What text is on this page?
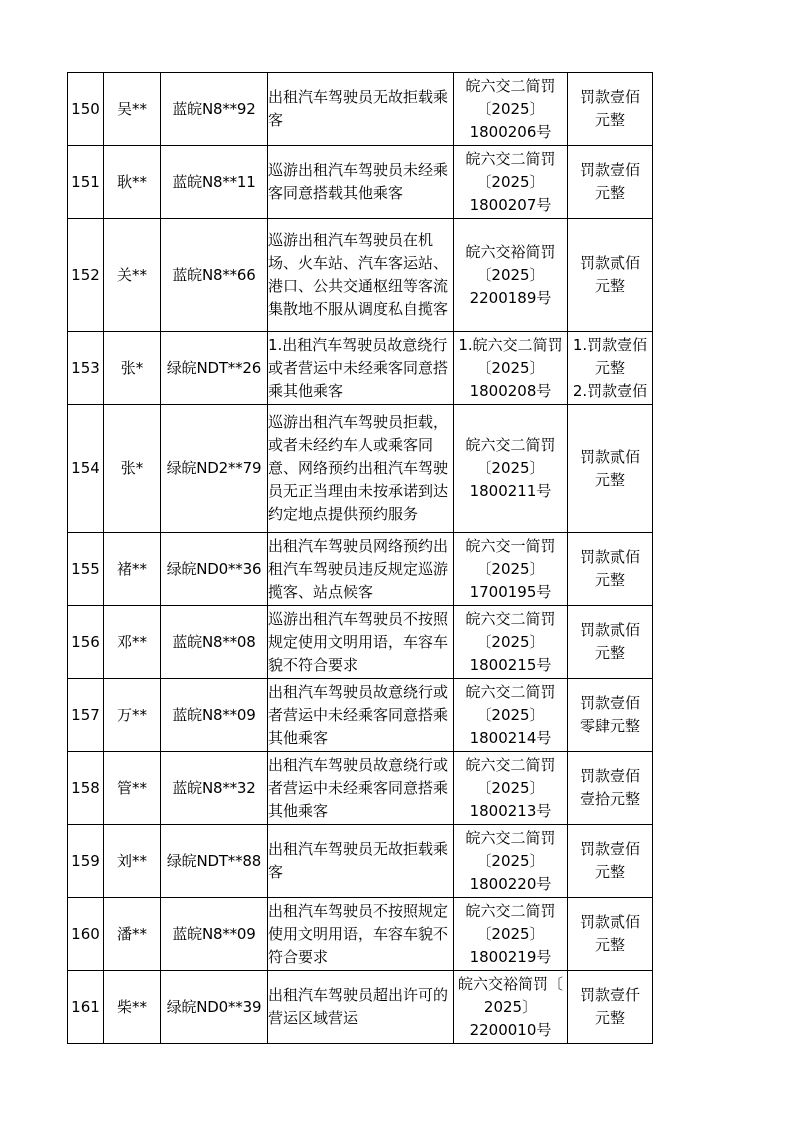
150	吴**	蓝皖N8**92	出租汽车驾驶员无故拒载乘客	皖六交二简罚
〔2025〕
1800206号	罚款壹佰
元整

151	耿**	蓝皖N8**11	巡游出租汽车驾驶员未经乘客同意搭载其他乘客	皖六交二简罚
〔2025〕
1800207号	罚款壹佰
元整

152	关**	蓝皖N8**66	巡游出租汽车驾驶员在机场、火车站、汽车客运站、港口、公共交通枢纽等客流集散地不服从调度私自揽客	皖六交裕简罚
〔2025〕
2200189号	罚款贰佰
元整

153	张*	绿皖NDT**26	1.出租汽车驾驶员故意绕行或者营运中未经乘客同意搭乘其他乘客	1.皖六交二简罚
〔2025〕
1800208号	1.罚款壹佰
元整
2.罚款壹佰

154	张*	绿皖ND2**79	巡游出租汽车驾驶员拒载，或者未经约车人或乘客同意、网络预约出租汽车驾驶员无正当理由未按承诺到达约定地点提供预约服务	皖六交二简罚
〔2025〕
1800211号	罚款贰佰
元整

155	褚**	绿皖ND0**36	出租汽车驾驶员网络预约出租汽车驾驶员违反规定巡游揽客、站点候客	皖六交一简罚
〔2025〕
1700195号	罚款贰佰
元整

156	邓**	蓝皖N8**08	巡游出租汽车驾驶员不按照规定使用文明用语，车容车貌不符合要求	皖六交二简罚
〔2025〕
1800215号	罚款贰佰
元整

157	万**	蓝皖N8**09	出租汽车驾驶员故意绕行或者营运中未经乘客同意搭乘其他乘客	皖六交二简罚
〔2025〕
1800214号	罚款壹佰
零肆元整

158	管**	蓝皖N8**32	出租汽车驾驶员故意绕行或者营运中未经乘客同意搭乘其他乘客	皖六交二简罚
〔2025〕
1800213号	罚款壹佰
壹拾元整

159	刘**	绿皖NDT**88	出租汽车驾驶员无故拒载乘客	皖六交二简罚
〔2025〕
1800220号	罚款壹佰
元整

160	潘**	蓝皖N8**09	出租汽车驾驶员不按照规定使用文明用语，车容车貌不符合要求	皖六交二简罚
〔2025〕
1800219号	罚款贰佰
元整

161	柴**	绿皖ND0**39	出租汽车驾驶员超出许可的营运区域营运	皖六交裕简罚〔
2025〕
2200010号	罚款壹仟
元整
